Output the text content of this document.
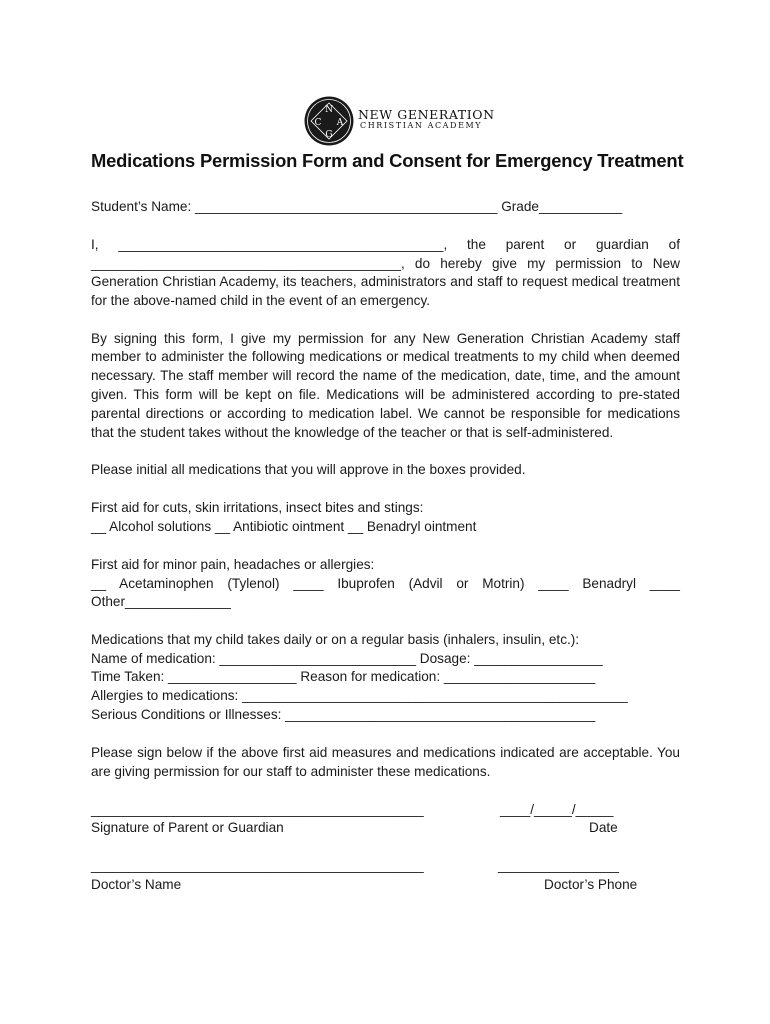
N
C A
G
NEW GENERATION
CHRISTIAN ACADEMY
Medications Permission Form and Consent for Emergency Treatment
Student’s Name: ________________________________________ Grade___________
I, ___________________________________________, the parent or guardian of
_________________________________________, do hereby give my permission to New
Generation Christian Academy, its teachers, administrators and staff to request medical treatment
for the above-named child in the event of an emergency.
By signing this form, I give my permission for any New Generation Christian Academy staff
member to administer the following medications or medical treatments to my child when deemed
necessary. The staff member will record the name of the medication, date, time, and the amount
given. This form will be kept on file. Medications will be administered according to pre-stated
parental directions or according to medication label. We cannot be responsible for medications
that the student takes without the knowledge of the teacher or that is self-administered.
Please initial all medications that you will approve in the boxes provided.
First aid for cuts, skin irritations, insect bites and stings:
__ Alcohol solutions __ Antibiotic ointment __ Benadryl ointment
First aid for minor pain, headaches or allergies:
__ Acetaminophen (Tylenol) ____ Ibuprofen (Advil or Motrin) ____ Benadryl ____
Other______________
Medications that my child takes daily or on a regular basis (inhalers, insulin, etc.):
Name of medication: __________________________ Dosage: _________________
Time Taken: _________________ Reason for medication: ____________________
Allergies to medications: ___________________________________________________
Serious Conditions or Illnesses: _________________________________________
Please sign below if the above first aid measures and medications indicated are acceptable. You
are giving permission for our staff to administer these medications.
____________________________________________	____/_____/_____
Signature of Parent or Guardian	Date
____________________________________________	________________
Doctor’s Name	Doctor’s Phone
